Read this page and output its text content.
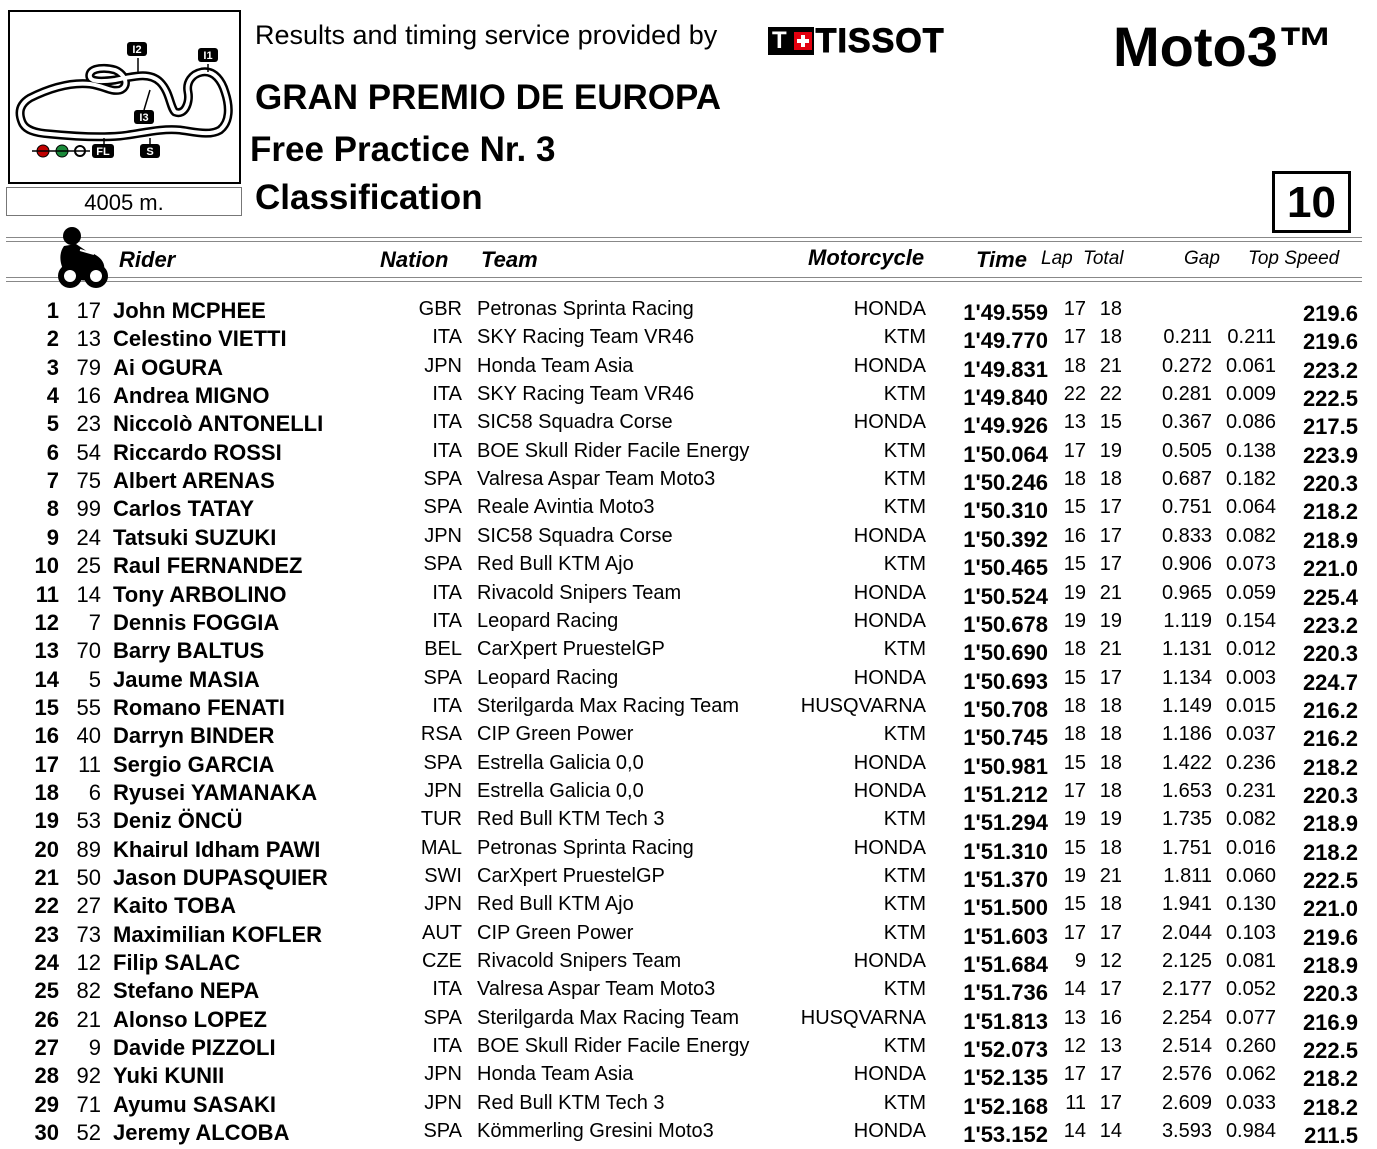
I2	I1
I3
FL	S
4005 m.
Results and timing service provided by T TISSOT	Moto3™
GRAN PREMIO DE EUROPA
Free Practice Nr. 3
Classification	10
Rider	Nation Team	Motorcycle Time Lap Total	Gap Top Speed
1 17 John MCPHEE	GBR Petronas Sprinta Racing	HONDA 1'49.559 17 18	219.6
2 13 Celestino VIETTI	ITA SKY Racing Team VR46	KTM 1'49.770 17 18 0.211 0.211 219.6
3 79 Ai OGURA	JPN Honda Team Asia	HONDA 1'49.831 18 21 0.272 0.061 223.2
4 16 Andrea MIGNO	ITA SKY Racing Team VR46	KTM 1'49.840 22 22 0.281 0.009 222.5
5 23 Niccolò ANTONELLI	ITA SIC58 Squadra Corse	HONDA 1'49.926 13 15 0.367 0.086 217.5
6 54 Riccardo ROSSI	ITA BOE Skull Rider Facile Energy	KTM 1'50.064 17 19 0.505 0.138 223.9
7 75 Albert ARENAS	SPA Valresa Aspar Team Moto3	KTM 1'50.246 18 18 0.687 0.182 220.3
8 99 Carlos TATAY	SPA Reale Avintia Moto3	KTM 1'50.310 15 17 0.751 0.064 218.2
9 24 Tatsuki SUZUKI	JPN SIC58 Squadra Corse	HONDA 1'50.392 16 17 0.833 0.082 218.9
10 25 Raul FERNANDEZ	SPA Red Bull KTM Ajo	KTM 1'50.465 15 17 0.906 0.073 221.0
11 14 Tony ARBOLINO	ITA Rivacold Snipers Team	HONDA 1'50.524 19 21 0.965 0.059 225.4
12 7 Dennis FOGGIA	ITA Leopard Racing	HONDA 1'50.678 19 19 1.119 0.154 223.2
13 70 Barry BALTUS	BEL CarXpert PruestelGP	KTM 1'50.690 18 21 1.131 0.012 220.3
14 5 Jaume MASIA	SPA Leopard Racing	HONDA 1'50.693 15 17 1.134 0.003 224.7
15 55 Romano FENATI	ITA Sterilgarda Max Racing Team	HUSQVARNA 1'50.708 18 18 1.149 0.015 216.2
16 40 Darryn BINDER	RSA CIP Green Power	KTM 1'50.745 18 18 1.186 0.037 216.2
17 11 Sergio GARCIA	SPA Estrella Galicia 0,0	HONDA 1'50.981 15 18 1.422 0.236 218.2
18 6 Ryusei YAMANAKA	JPN Estrella Galicia 0,0	HONDA 1'51.212 17 18 1.653 0.231 220.3
19 53 Deniz ÖNCÜ	TUR Red Bull KTM Tech 3	KTM 1'51.294 19 19 1.735 0.082 218.9
20 89 Khairul Idham PAWI	MAL Petronas Sprinta Racing	HONDA 1'51.310 15 18 1.751 0.016 218.2
21 50 Jason DUPASQUIER	SWI CarXpert PruestelGP	KTM 1'51.370 19 21 1.811 0.060 222.5
22 27 Kaito TOBA	JPN Red Bull KTM Ajo	KTM 1'51.500 15 18 1.941 0.130 221.0
23 73 Maximilian KOFLER	AUT CIP Green Power	KTM 1'51.603 17 17 2.044 0.103 219.6
24 12 Filip SALAC	CZE Rivacold Snipers Team	HONDA 1'51.684 9 12 2.125 0.081 218.9
25 82 Stefano NEPA	ITA Valresa Aspar Team Moto3	KTM 1'51.736 14 17 2.177 0.052 220.3
26 21 Alonso LOPEZ	SPA Sterilgarda Max Racing Team	HUSQVARNA 1'51.813 13 16 2.254 0.077 216.9
27 9 Davide PIZZOLI	ITA BOE Skull Rider Facile Energy	KTM 1'52.073 12 13 2.514 0.260 222.5
28 92 Yuki KUNII	JPN Honda Team Asia	HONDA 1'52.135 17 17 2.576 0.062 218.2
29 71 Ayumu SASAKI	JPN Red Bull KTM Tech 3	KTM 1'52.168 11 17 2.609 0.033 218.2
30 52 Jeremy ALCOBA	SPA Kömmerling Gresini Moto3	HONDA 1'53.152 14 14 3.593 0.984 211.5
